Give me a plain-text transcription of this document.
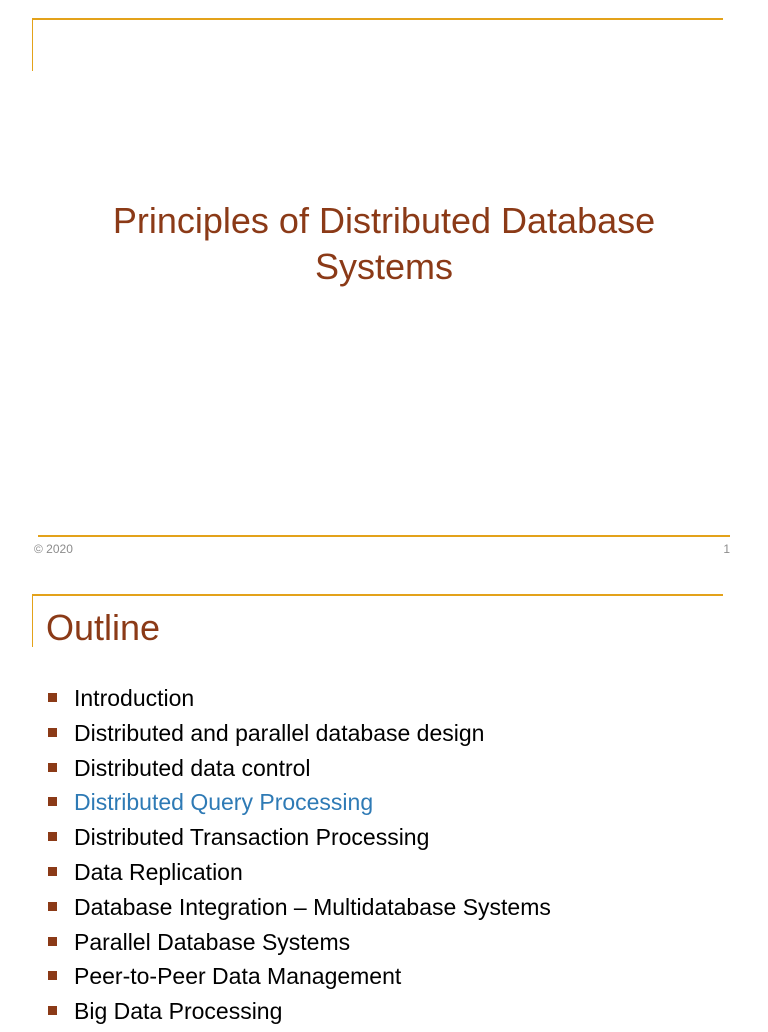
Principles of Distributed Database
Systems
© 2020	1
Outline
Introduction
Distributed and parallel database design
Distributed data control
Distributed Query Processing
Distributed Transaction Processing
Data Replication
Database Integration – Multidatabase Systems
Parallel Database Systems
Peer-to-Peer Data Management
Big Data Processing
